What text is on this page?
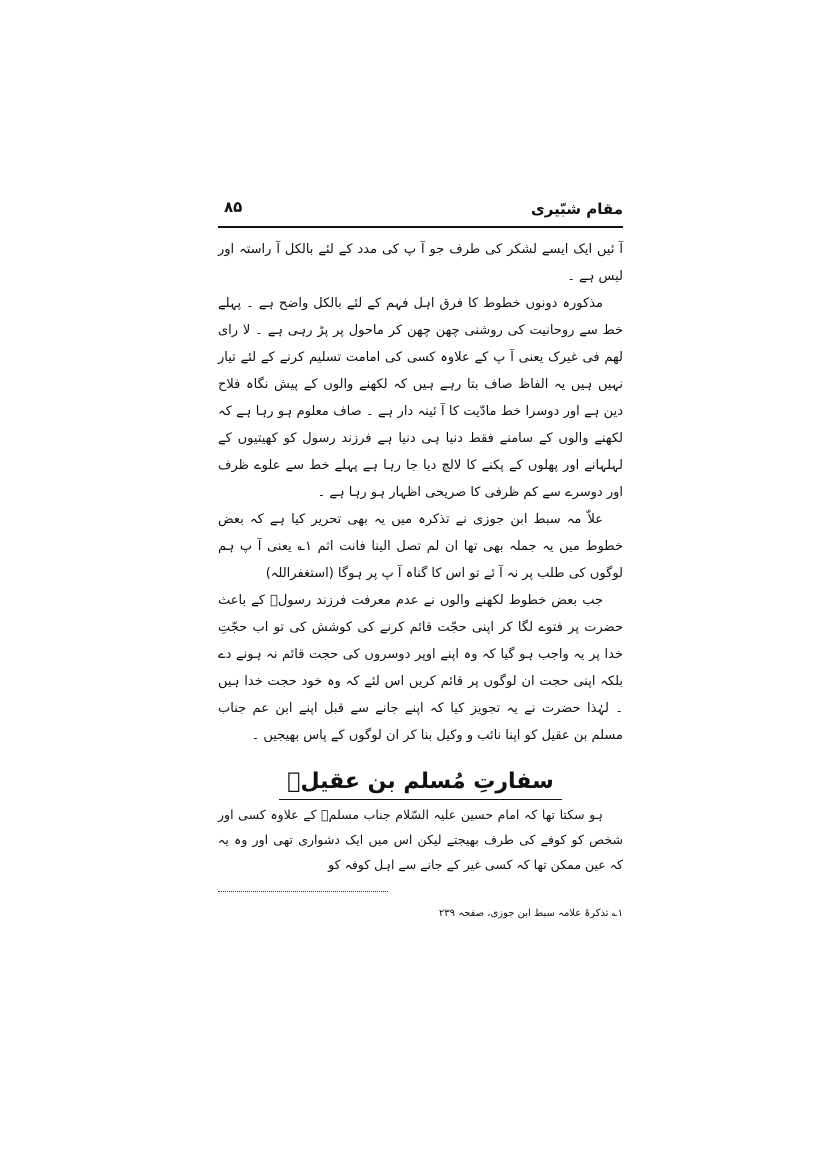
مقام شبّیری
۸۵

آ ئیں ایک ایسے لشکر کی طرف جو آ پ کی مدد کے لئے بالکل آ راستہ اور لیس ہے ۔

مذکورہ دونوں خطوط کا فرق اہل فہم کے لئے بالکل واضح ہے ۔ پہلے خط سے روحانیت کی روشنی چھن چھن کر ماحول پر پڑ رہی ہے ۔ لا رای لھم فی غیرک یعنی آ پ کے علاوہ کسی کی امامت تسلیم کرنے کے لئے تیار نہیں ہیں یہ الفاظ صاف بتا رہے ہیں کہ لکھنے والوں کے پیش نگاہ فلاح دین ہے اور دوسرا خط مادّیت کا آ ئینہ دار ہے ۔ صاف معلوم ہو رہا ہے کہ لکھنے والوں کے سامنے فقط دنیا ہی دنیا ہے فرزند رسول کو کھیتیوں کے لہلہانے اور پھلوں کے پکنے کا لالچ دیا جا رہا ہے پہلے خط سے علوے ظرف اور دوسرے سے کم ظرفی کا صریحی اظہار ہو رہا ہے ۔

علاّ مہ سبط ابن جوزی نے تذکرہ میں یہ بھی تحریر کیا ہے کہ بعض خطوط میں یہ جملہ بھی تھا ان لم تصل الینا فانت اثم ۱؎ یعنی آ پ ہم لوگوں کی طلب پر نہ آ ئے تو اس کا گناہ آ پ پر ہوگا (استغفراللہ)

جب بعض خطوط لکھنے والوں نے عدم معرفت فرزند رسولؐ کے باعث حضرت پر فتوے لگا کر اپنی حجّت قائم کرنے کی کوشش کی تو اب حجّتِ خدا پر یہ واجب ہو گیا کہ وہ اپنے اوپر دوسروں کی حجت قائم نہ ہونے دے بلکہ اپنی حجت ان لوگوں پر قائم کریں اس لئے کہ وہ خود حجت خدا ہیں ۔ لہٰذا حضرت نے یہ تجویز کیا کہ اپنے جانے سے قبل اپنے ابن عم جناب مسلم بن عقیل کو اپنا نائب و وکیل بنا کر ان لوگوں کے پاس بھیجیں ۔

سفارتِ مُسلم بن عقیلؑ

ہو سکتا تھا کہ امام حسین علیہ السّلام جناب مسلمؑ کے علاوہ کسی اور شخص کو کوفے کی طرف بھیجتے لیکن اس میں ایک دشواری تھی اور وہ یہ کہ عین ممکن تھا کہ کسی غیر کے جانے سے اہل کوفہ کو

۱؎ تذکرۂ علامہ سبط ابن جوزی، صفحہ ۲۳۹
